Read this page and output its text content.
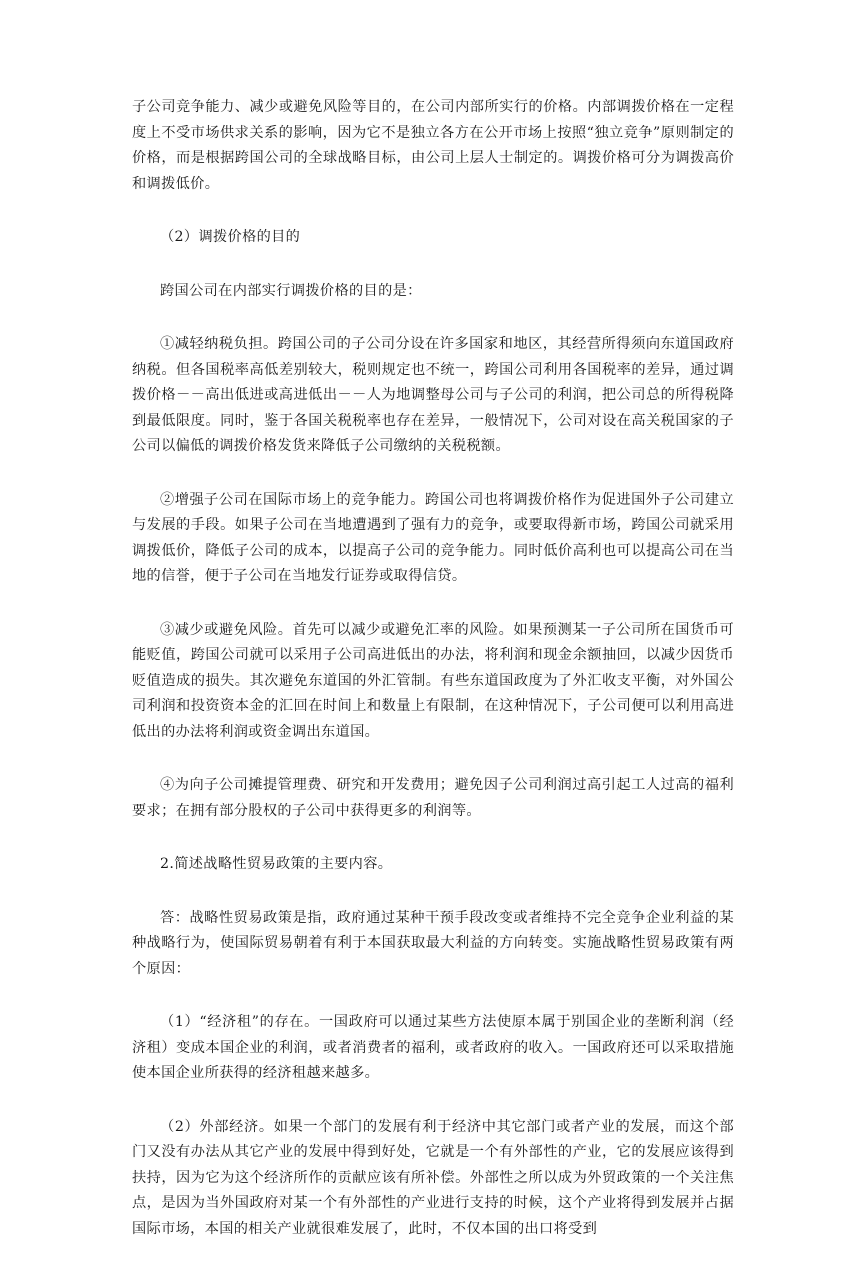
子公司竞争能力、减少或避免风险等目的，在公司内部所实行的价格。内部调拨价格在一定程度上不受市场供求关系的影响，因为它不是独立各方在公开市场上按照“独立竞争”原则制定的价格，而是根据跨国公司的全球战略目标，由公司上层人士制定的。调拨价格可分为调拨高价和调拨低价。

（2）调拨价格的目的

跨国公司在内部实行调拨价格的目的是：

①减轻纳税负担。跨国公司的子公司分设在许多国家和地区，其经营所得须向东道国政府纳税。但各国税率高低差别较大，税则规定也不统一，跨国公司利用各国税率的差异，通过调拨价格－－高出低进或高进低出－－人为地调整母公司与子公司的利润，把公司总的所得税降到最低限度。同时，鉴于各国关税税率也存在差异，一般情况下，公司对设在高关税国家的子公司以偏低的调拨价格发货来降低子公司缴纳的关税税额。

②增强子公司在国际市场上的竞争能力。跨国公司也将调拨价格作为促进国外子公司建立与发展的手段。如果子公司在当地遭遇到了强有力的竞争，或要取得新市场，跨国公司就采用调拨低价，降低子公司的成本，以提高子公司的竞争能力。同时低价高利也可以提高公司在当地的信誉，便于子公司在当地发行证券或取得信贷。

③减少或避免风险。首先可以减少或避免汇率的风险。如果预测某一子公司所在国货币可能贬值，跨国公司就可以采用子公司高进低出的办法，将利润和现金余额抽回，以减少因货币贬值造成的损失。其次避免东道国的外汇管制。有些东道国政度为了外汇收支平衡，对外国公司利润和投资资本金的汇回在时间上和数量上有限制，在这种情况下，子公司便可以利用高进低出的办法将利润或资金调出东道国。

④为向子公司摊提管理费、研究和开发费用；避免因子公司利润过高引起工人过高的福利要求；在拥有部分股权的子公司中获得更多的利润等。

2.简述战略性贸易政策的主要内容。

答：战略性贸易政策是指，政府通过某种干预手段改变或者维持不完全竞争企业利益的某种战略行为，使国际贸易朝着有利于本国获取最大利益的方向转变。实施战略性贸易政策有两个原因：

（1）“经济租”的存在。一国政府可以通过某些方法使原本属于别国企业的垄断利润（经济租）变成本国企业的利润，或者消费者的福利，或者政府的收入。一国政府还可以采取措施使本国企业所获得的经济租越来越多。

（2）外部经济。如果一个部门的发展有利于经济中其它部门或者产业的发展，而这个部门又没有办法从其它产业的发展中得到好处，它就是一个有外部性的产业，它的发展应该得到扶持，因为它为这个经济所作的贡献应该有所补偿。外部性之所以成为外贸政策的一个关注焦点，是因为当外国政府对某一个有外部性的产业进行支持的时候，这个产业将得到发展并占据国际市场，本国的相关产业就很难发展了，此时，不仅本国的出口将受到
